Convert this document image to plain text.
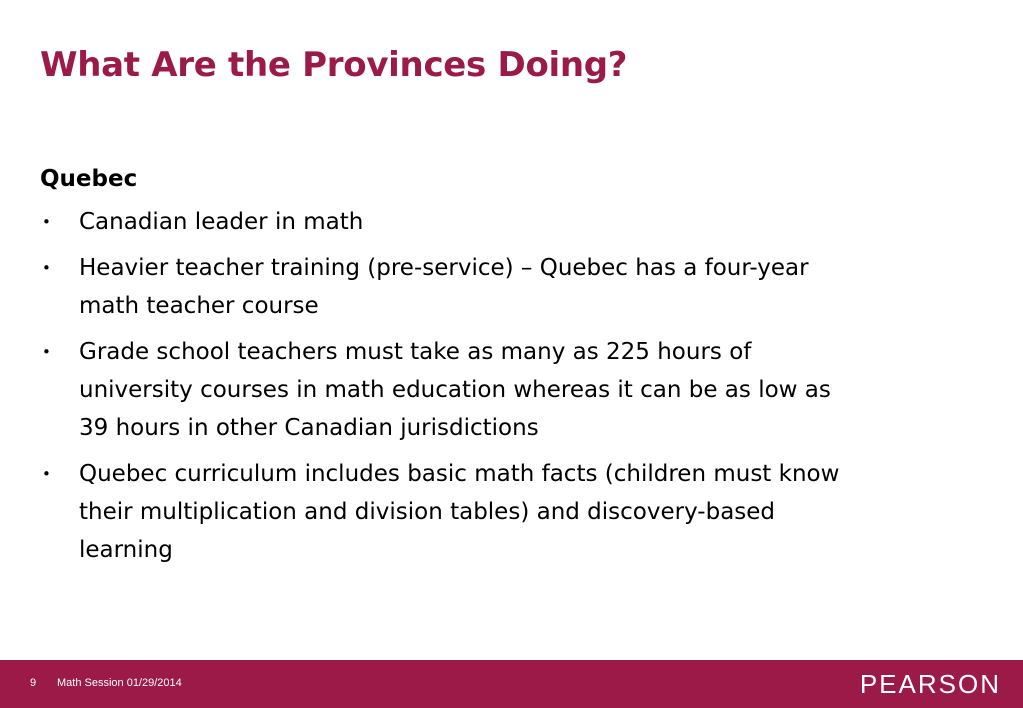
What Are the Provinces Doing?
Quebec
•	Canadian leader in math
•	Heavier teacher training (pre-service) – Quebec has a four-year math teacher course
•	Grade school teachers must take as many as 225 hours of university courses in math education whereas it can be as low as 39 hours in other Canadian jurisdictions
•	Quebec curriculum includes basic math facts (children must know their multiplication and division tables) and discovery-based learning
9 Math Session 01/29/2014	PEARSON
